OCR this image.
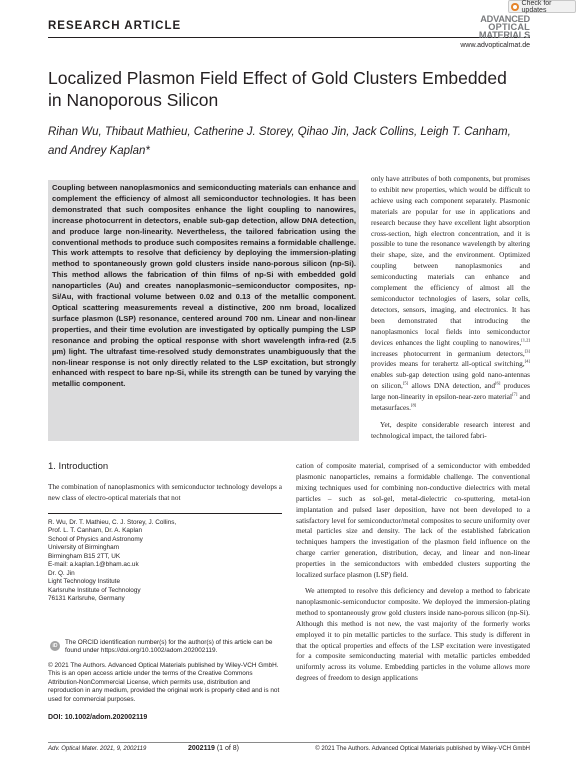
RESEARCH ARTICLE
Check for updates
ADVANCED
OPTICAL
MATERIALS
www.advopticalmat.de
Localized Plasmon Field Effect of Gold Clusters Embedded in Nanoporous Silicon
Rihan Wu, Thibaut Mathieu, Catherine J. Storey, Qihao Jin, Jack Collins, Leigh T. Canham,
and Andrey Kaplan*
Coupling between nanoplasmonics and semiconducting materials can enhance and complement the efficiency of almost all semiconductor technologies. It has been demonstrated that such composites enhance the light coupling to nanowires, increase photocurrent in detectors, enable sub-gap detection, allow DNA detection, and produce large non-linearity. Nevertheless, the tailored fabrication using the conventional methods to produce such composites remains a formidable challenge. This work attempts to resolve that deficiency by deploying the immersion-plating method to spontaneously grown gold clusters inside nano-porous silicon (np-Si). This method allows the fabrication of thin films of np-Si with embedded gold nanoparticles (Au) and creates nanoplasmonic–semiconductor composites, np-Si/Au, with fractional volume between 0.02 and 0.13 of the metallic component. Optical scattering measurements reveal a distinctive, 200 nm broad, localized surface plasmon (LSP) resonance, centered around 700 nm. Linear and non-linear properties, and their time evolution are investigated by optically pumping the LSP resonance and probing the optical response with short wavelength infra-red (2.5 µm) light. The ultrafast time-resolved study demonstrates unambiguously that the non-linear response is not only directly related to the LSP excitation, but strongly enhanced with respect to bare np-Si, while its strength can be tuned by varying the metallic component.

only have attributes of both components, but promises to exhibit new properties, which would be difficult to achieve using each component separately. Plasmonic materials are popular for use in applications and research because they have excellent light absorption cross-section, high electron concentration, and it is possible to tune the resonance wavelength by altering their shape, size, and the environment. Optimized coupling between nanoplasmonics and semiconducting materials can enhance and complement the efficiency of almost all the semiconductor technologies of lasers, solar cells, detectors, sensors, imaging, and electronics. It has been demonstrated that introducing the nanoplasmonics local fields into semiconductor devices enhances the light coupling to nanowires,[1,2] increases photocurrent in germanium detectors,[3] provides means for terahertz all-optical switching,[4] enables sub-gap detection using gold nano-antennas on silicon,[5] allows DNA detection, and[6] produces large non-linearity in epsilon-near-zero material[7] and metasurfaces.[8]

Yet, despite considerable research interest and technological impact, the tailored fabri-

1. Introduction
The combination of nanoplasmonics with semiconductor technology develops a new class of electro-optical materials that not

cation of composite material, comprised of a semiconductor with embedded plasmonic nanoparticles, remains a formidable challenge. The conventional mixing techniques used for combining non-conductive dielectrics with metal particles – such as sol-gel, metal-dielectric co-sputtering, metal-ion implantation and pulsed laser deposition, have not been developed to a satisfactory level for semiconductor/metal composites to secure uniformity over metal particles size and density. The lack of the established fabrication techniques hampers the investigation of the plasmon field influence on the charge carrier generation, distribution, decay, and linear and non-linear properties in the semiconductors with embedded clusters supporting the localized surface plasmon (LSP) field.

We attempted to resolve this deficiency and develop a method to fabricate nanoplasmonic-semiconductor composite. We deployed the immersion-plating method to spontaneously grow gold clusters inside nano-porous silicon (np-Si). Although this method is not new, the vast majority of the formerly works employed it to pin metallic particles to the surface. This study is different in that the optical properties and effects of the LSP excitation were investigated for a composite semiconducting material with metallic particles embedded uniformly across its volume. Embedding particles in the volume allows more degrees of freedom to design applications

R. Wu, Dr. T. Mathieu, C. J. Storey, J. Collins,
Prof. L. T. Canham, Dr. A. Kaplan
School of Physics and Astronomy
University of Birmingham
Birmingham B15 2TT, UK
E-mail: a.kaplan.1@bham.ac.uk
Dr. Q. Jin
Light Technology Institute
Karlsruhe Institute of Technology
76131 Karlsruhe, Germany
iD	The ORCID identification number(s) for the author(s) of this article can be found under https://doi.org/10.1002/adom.202002119.
© 2021 The Authors. Advanced Optical Materials published by Wiley-VCH GmbH. This is an open access article under the terms of the Creative Commons Attribution-NonCommercial License, which permits use, distribution and reproduction in any medium, provided the original work is properly cited and is not used for commercial purposes.
DOI: 10.1002/adom.202002119
Adv. Optical Mater. 2021, 9, 2002119	2002119 (1 of 8)	© 2021 The Authors. Advanced Optical Materials published by Wiley-VCH GmbH
